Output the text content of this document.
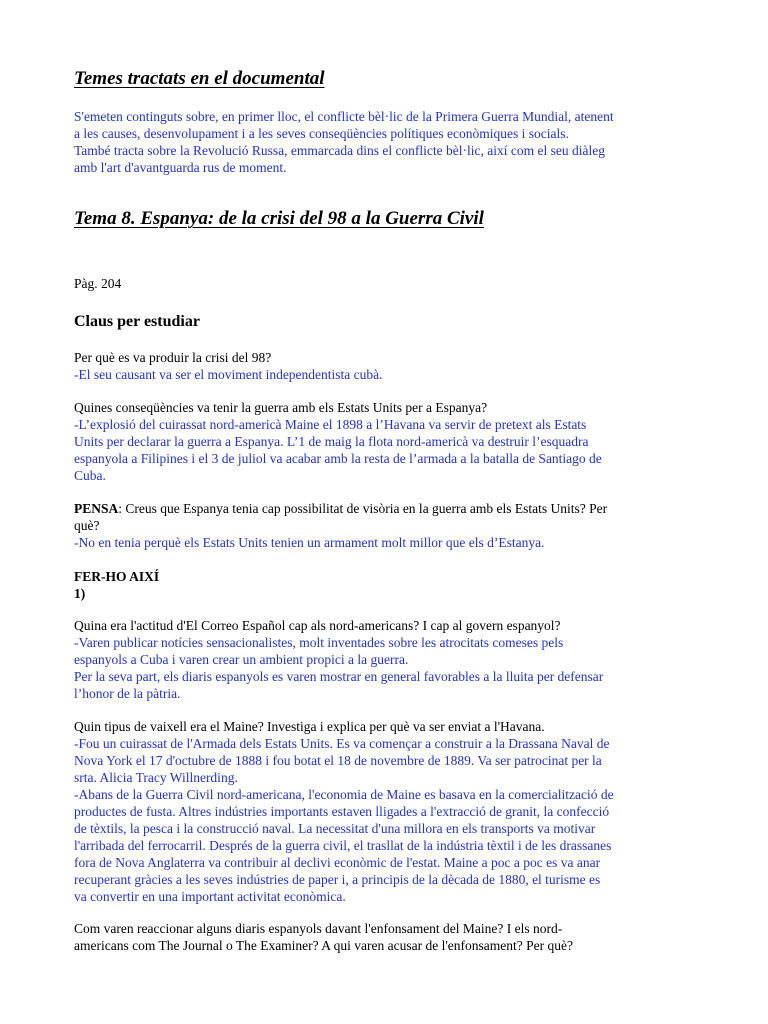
Temes tractats en el documental
S'emeten continguts sobre, en primer lloc, el conflicte bèl·lic de la Primera Guerra Mundial, atenent
a les causes, desenvolupament i a les seves conseqüències polítiques econòmiques i socials.
També tracta sobre la Revolució Russa, emmarcada dins el conflicte bèl·lic, així com el seu diàleg
amb l'art d'avantguarda rus de moment.
Tema 8. Espanya: de la crisi del 98 a la Guerra Civil

Pàg. 204

Claus per estudiar

Per què es va produir la crisi del 98?
-El seu causant va ser el moviment independentista cubà.
Quines conseqüències va tenir la guerra amb els Estats Units per a Espanya?
-L’explosió del cuirassat nord-americà Maine el 1898 a l’Havana va servir de pretext als Estats
Units per declarar la guerra a Espanya. L’1 de maig la flota nord-americà va destruir l’esquadra
espanyola a Filipines i el 3 de juliol va acabar amb la resta de l’armada a la batalla de Santiago de
Cuba.
PENSA: Creus que Espanya tenia cap possibilitat de visòria en la guerra amb els Estats Units? Per
què?
-No en tenia perquè els Estats Units tenien un armament molt millor que els d’Estanya.
FER-HO AIXÍ
1)
Quina era l'actitud d'El Correo Español cap als nord-americans? I cap al govern espanyol?
-Varen publicar notícies sensacionalistes, molt inventades sobre les atrocitats comeses pels
espanyols a Cuba i varen crear un ambient propici a la guerra.
Per la seva part, els diaris espanyols es varen mostrar en general favorables a la lluita per defensar
l’honor de la pàtria.
Quin tipus de vaixell era el Maine? Investiga i explica per què va ser enviat a l'Havana.
-Fou un cuirassat de l'Armada dels Estats Units. Es va començar a construir a la Drassana Naval de
Nova York el 17 d'octubre de 1888 i fou botat el 18 de novembre de 1889. Va ser patrocinat per la
srta. Alicia Tracy Willnerding.
-Abans de la Guerra Civil nord-americana, l'economia de Maine es basava en la comercialització de
productes de fusta. Altres indústries importants estaven lligades a l'extracció de granit, la confecció
de tèxtils, la pesca i la construcció naval. La necessitat d'una millora en els transports va motivar
l'arribada del ferrocarril. Després de la guerra civil, el trasllat de la indústria tèxtil i de les drassanes
fora de Nova Anglaterra va contribuir al declivi econòmic de l'estat. Maine a poc a poc es va anar
recuperant gràcies a les seves indústries de paper i, a principis de la dècada de 1880, el turisme es
va convertir en una important activitat econòmica.
Com varen reaccionar alguns diaris espanyols davant l'enfonsament del Maine? I els nord-
americans com The Journal o The Examiner? A qui varen acusar de l'enfonsament? Per què?
